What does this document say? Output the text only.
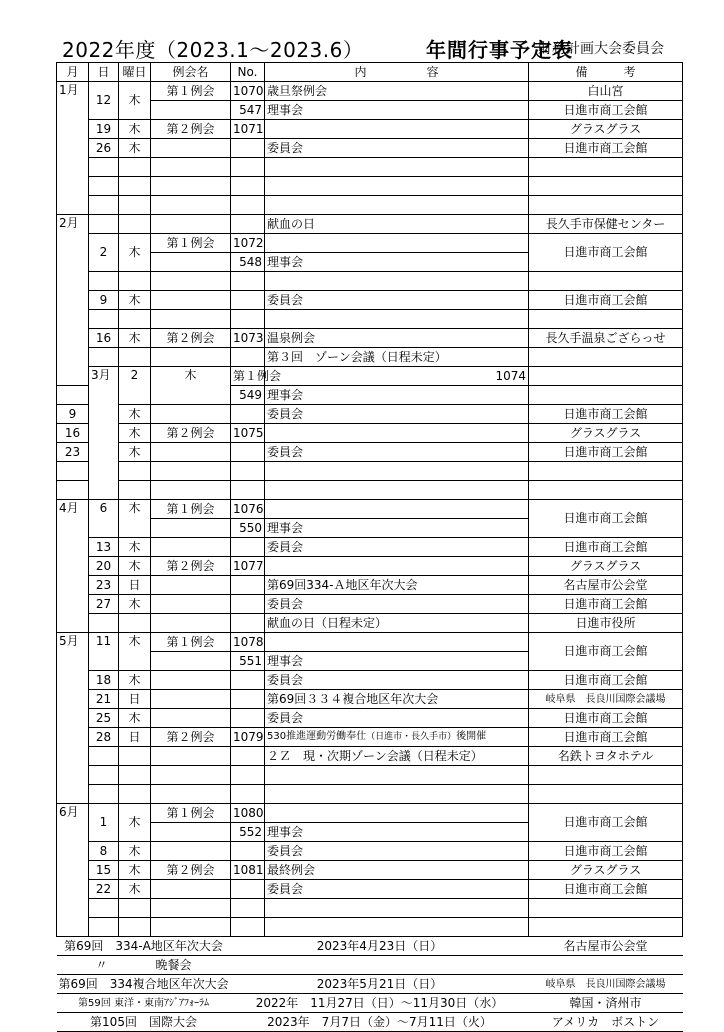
2022年度（2023.1～2023.6）	年間行事予定表
財務計画大会委員会
月	日	曜日	例会名	No.	内　　　　　容	備　　　考	
1月	12	木	第１例会	1070	歳旦祭例会	白山宮	
				547	理事会	日進市商工会館	
	19	木	第２例会	1071		グラスグラス	
	26	木			委員会	日進市商工会館	

2月					献血の日	長久手市保健センター	
	2	木	第１例会	1072		日進市商工会館	
				548	理事会		

	9	木			委員会	日進市商工会館	

	16	木	第２例会	1073	温泉例会	長久手温泉ござらっせ	
					第３回　ゾーン会議（日程未定）		
	3月	2	木	第１例会	1074		
				549	理事会		
9		木			委員会	日進市商工会館	
16		木	第２例会	1075		グラスグラス	
23		木			委員会	日進市商工会館	

4月	6	木	第１例会	1076		日進市商工会館	
				550	理事会		
	13	木			委員会	日進市商工会館	
	20	木	第２例会	1077		グラスグラス	
	23	日			第69回334-Ａ地区年次大会	名古屋市公会堂	
	27	木			委員会	日進市商工会館	
					献血の日（日程未定）	日進市役所	
5月	11	木	第１例会	1078		日進市商工会館	
				551	理事会		
	18	木			委員会	日進市商工会館	
	21	日			第69回３３４複合地区年次大会	岐阜県　長良川国際会議場	
	25	木			委員会	日進市商工会館	
	28	日	第２例会	1079	530推進運動労働奉仕（日進市・長久手市）後開催	日進市商工会館	
					２Ｚ　現・次期ゾーン会議（日程未定）	名鉄トヨタホテル	

6月	1	木	第１例会	1080		日進市商工会館	
				552	理事会		
	8	木			委員会	日進市商工会館	
	15	木	第２例会	1081	最終例会	グラスグラス	
	22	木			委員会	日進市商工会館	

第69回　334-A地区年次大会				2023年4月23日（日）		名古屋市公会堂	
〃　　　　晩餐会							
第69回　334複合地区年次大会				2023年5月21日（日）		岐阜県　長良川国際会議場	
第59回 東洋・東南ｱｼﾞｱﾌｫｰﾗﾑ				2022年　11月27日（日）～11月30日（水）		韓国・済州市	
第105回　国際大会				2023年　7月7日（金）～7月11日（火）		アメリカ　ボストン	
